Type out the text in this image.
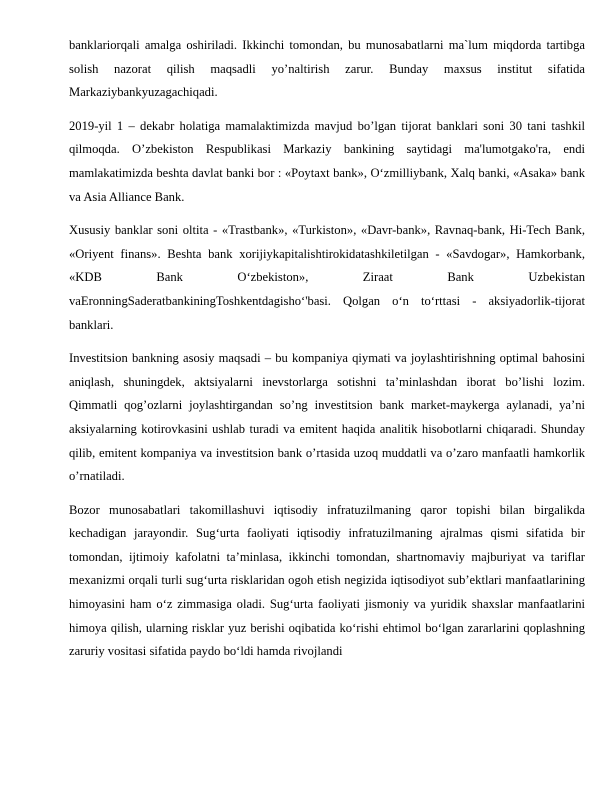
banklariorqali amalga oshiriladi. Ikkinchi tomondan, bu munosabatlarni ma`lum miqdorda tartibga solish nazorat qilish maqsadli yo’naltirish zarur. Bunday maxsus institut sifatida Markaziybankyuzagachiqadi.

2019-yil 1 – dekabr holatiga mamalaktimizda mavjud bo’lgan tijorat banklari soni 30 tani tashkil qilmoqda. O’zbekiston Respublikasi Markaziy bankining saytidagi ma'lumotgako'ra, endi mamlakatimizda beshta davlat banki bor : «Poytaxt bank», O‘zmilliybank, Xalq banki, «Asaka» bank va Asia Alliance Bank.

Xususiy banklar soni oltita - «Trastbank», «Turkiston», «Davr-bank», Ravnaq-bank, Hi-Tech Bank, «Oriyent finans». Beshta bank xorijiykapitalishtirokidatashkiletilgan - «Savdogar», Hamkorbank, «KDB Bank O‘zbekiston», Ziraat Bank Uzbekistan vaEronningSaderatbankiningToshkentdagisho‘'basi. Qolgan o‘n to‘rttasi - aksiyadorlik-tijorat banklari.

Investitsion bankning asosiy maqsadi – bu kompaniya qiymati va joylashtirishning optimal bahosini aniqlash, shuningdek, aktsiyalarni inevstorlarga sotishni taʼminlashdan iborat boʼlishi lozim. Qimmatli qogʼozlarni joylashtirgandan soʼng investitsion bank market-maykerga aylanadi, yaʼni aksiyalarning kotirovkasini ushlab turadi va emitent haqida analitik hisobotlarni chiqaradi. Shunday qilib, emitent kompaniya va investitsion bank oʼrtasida uzoq muddatli va oʼzaro manfaatli hamkorlik oʼrnatiladi.

Bozor munosabatlari takomillashuvi iqtisodiy infratuzilmaning qaror topishi bilan birgalikda kechadigan jarayondir. Sug‘urta faoliyati iqtisodiy infratuzilmaning ajralmas qismi sifatida bir tomondan, ijtimoiy kafolatni ta’minlasa, ikkinchi tomondan, shartnomaviy majburiyat va tariflar mexanizmi orqali turli sug‘urta risklaridan ogoh etish negizida iqtisodiyot sub’ektlari manfaatlarining himoyasini ham o‘z zimmasiga oladi. Sug‘urta faoliyati jismoniy va yuridik shaxslar manfaatlarini himoya qilish, ularning risklar yuz berishi oqibatida ko‘rishi ehtimol bo‘lgan zararlarini qoplashning zaruriy vositasi sifatida paydo bo‘ldi hamda rivojlandi
